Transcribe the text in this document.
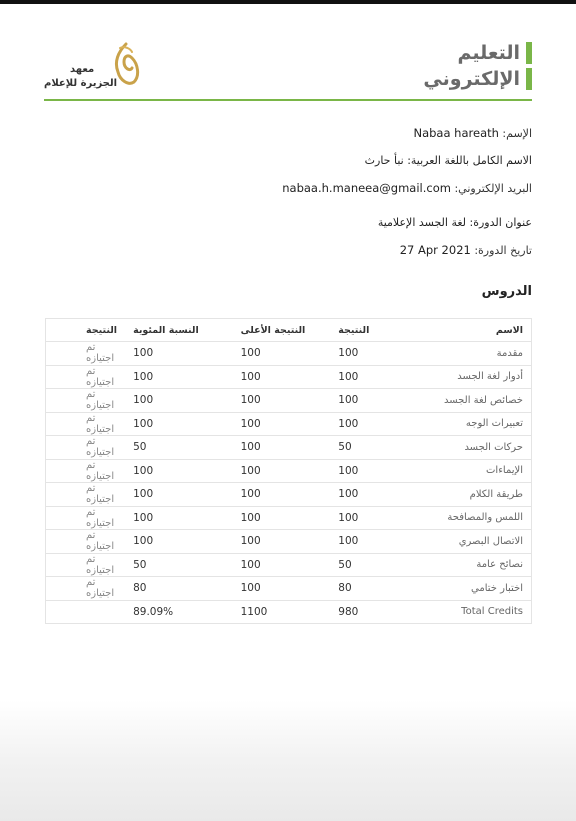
التعليم
الإلكتروني
معهد
الجزيرة للإعلام
الإسم: Nabaa hareath
الاسم الكامل باللغة العربية: نبأ حارث
البريد الإلكتروني: nabaa.h.maneea@gmail.com
عنوان الدورة: لغة الجسد الإعلامية
تاريخ الدورة: 27 Apr 2021
الدروس
الاسم	النتيجة	النتيجة الأعلى	النسبة المئوية	النتيجة
مقدمة	100	100	100	تم اجتيازه
أدوار لغة الجسد	100	100	100	تم اجتيازه
خصائص لغة الجسد	100	100	100	تم اجتيازه
تعبيرات الوجه	100	100	100	تم اجتيازه
حركات الجسد	50	100	50	تم اجتيازه
الإيماءات	100	100	100	تم اجتيازه
طريقة الكلام	100	100	100	تم اجتيازه
اللمس والمصافحة	100	100	100	تم اجتيازه
الاتصال البصري	100	100	100	تم اجتيازه
نصائح عامة	50	100	50	تم اجتيازه
اختبار ختامي	80	100	80	تم اجتيازه
Total Credits	980	1100	89.09%	
